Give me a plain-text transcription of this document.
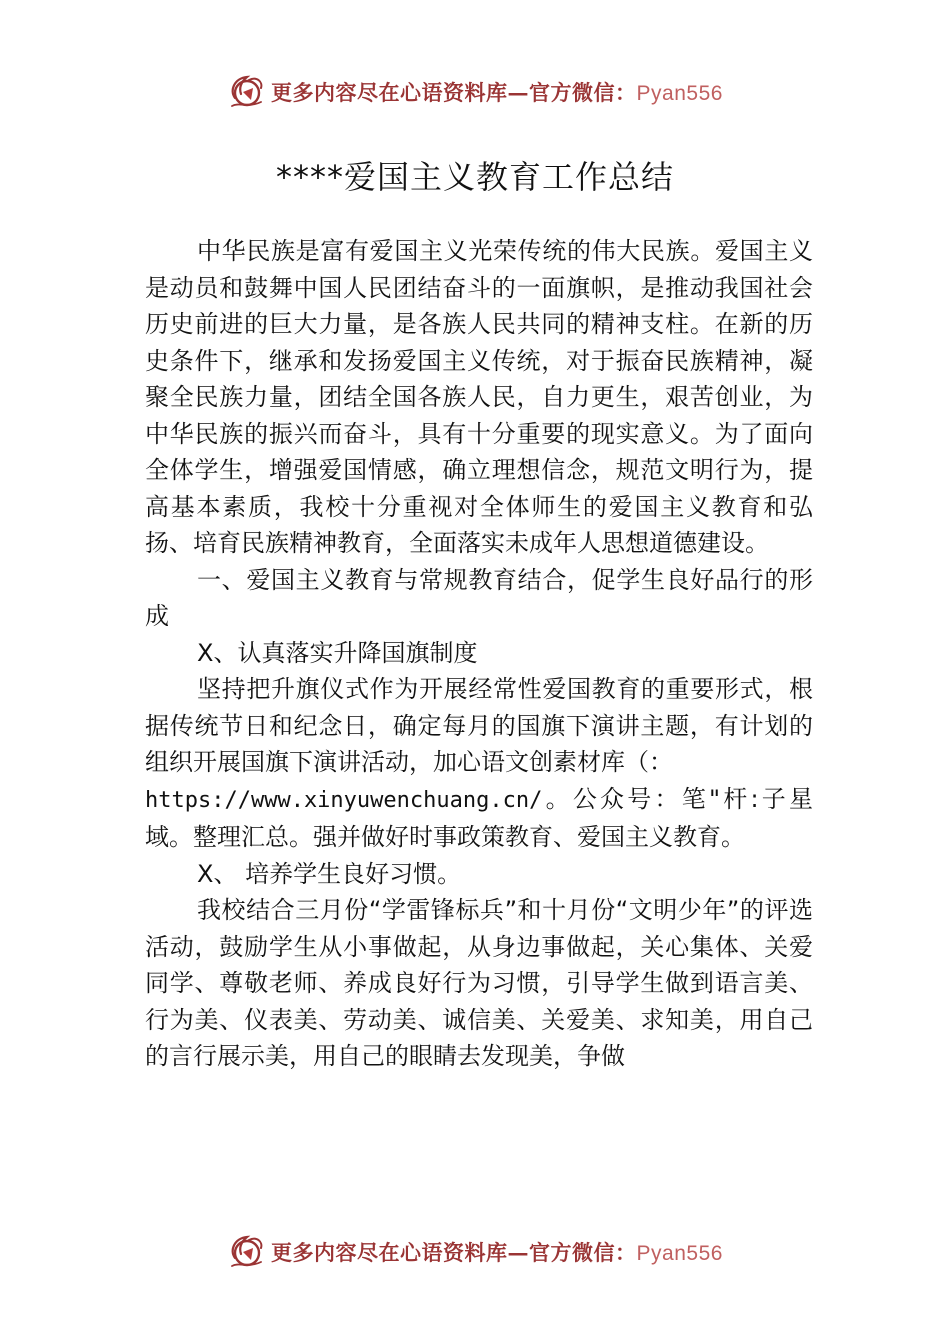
更多内容尽在心语资料库—官方微信：Pyan556
****爱国主义教育工作总结

中华民族是富有爱国主义光荣传统的伟大民族。爱国主义是动员和鼓舞中国人民团结奋斗的一面旗帜，是推动我国社会历史前进的巨大力量，是各族人民共同的精神支柱。在新的历史条件下，继承和发扬爱国主义传统，对于振奋民族精神，凝聚全民族力量，团结全国各族人民，自力更生，艰苦创业，为中华民族的振兴而奋斗，具有十分重要的现实意义。为了面向全体学生，增强爱国情感，确立理想信念，规范文明行为，提高基本素质，我校十分重视对全体师生的爱国主义教育和弘扬、培育民族精神教育，全面落实未成年人思想道德建设。

一、爱国主义教育与常规教育结合，促学生良好品行的形成

X、认真落实升降国旗制度

坚持把升旗仪式作为开展经常性爱国教育的重要形式，根据传统节日和纪念日，确定每月的国旗下演讲主题，有计划的组织开展国旗下演讲活动，加心语文创素材库（：

https://www.xinyuwenchuang.cn/。公众号：笔"杆:子星域。整理汇总。强并做好时事政策教育、爱国主义教育。

X、 培养学生良好习惯。

我校结合三月份“学雷锋标兵”和十月份“文明少年”的评选活动，鼓励学生从小事做起，从身边事做起，关心集体、关爱同学、尊敬老师、养成良好行为习惯，引导学生做到语言美、行为美、仪表美、劳动美、诚信美、关爱美、求知美，用自己的言行展示美，用自己的眼睛去发现美，争做

更多内容尽在心语资料库—官方微信：Pyan556
